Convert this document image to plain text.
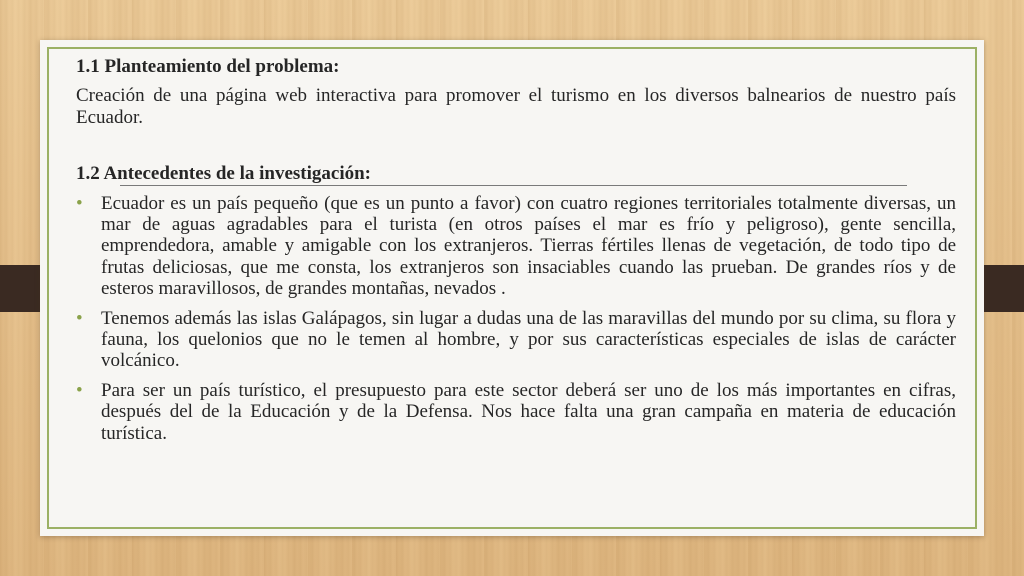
1.1 Planteamiento del problema:

Creación de una página web interactiva para promover el turismo en los diversos balnearios de nuestro país Ecuador.

1.2 Antecedentes de la investigación:

• Ecuador es un país pequeño (que es un punto a favor) con cuatro regiones territoriales totalmente diversas, un mar de aguas agradables para el turista (en otros países el mar es frío y peligroso), gente sencilla, emprendedora, amable y amigable con los extranjeros. Tierras fértiles llenas de vegetación, de todo tipo de frutas deliciosas, que me consta, los extranjeros son insaciables cuando las prueban. De grandes ríos y de esteros maravillosos, de grandes montañas, nevados .
• Tenemos además las islas Galápagos, sin lugar a dudas una de las maravillas del mundo por su clima, su flora y fauna, los quelonios que no le temen al hombre, y por sus características especiales de islas de carácter volcánico.
• Para ser un país turístico, el presupuesto para este sector deberá ser uno de los más importantes en cifras, después del de la Educación y de la Defensa. Nos hace falta una gran campaña en materia de educación turística.
